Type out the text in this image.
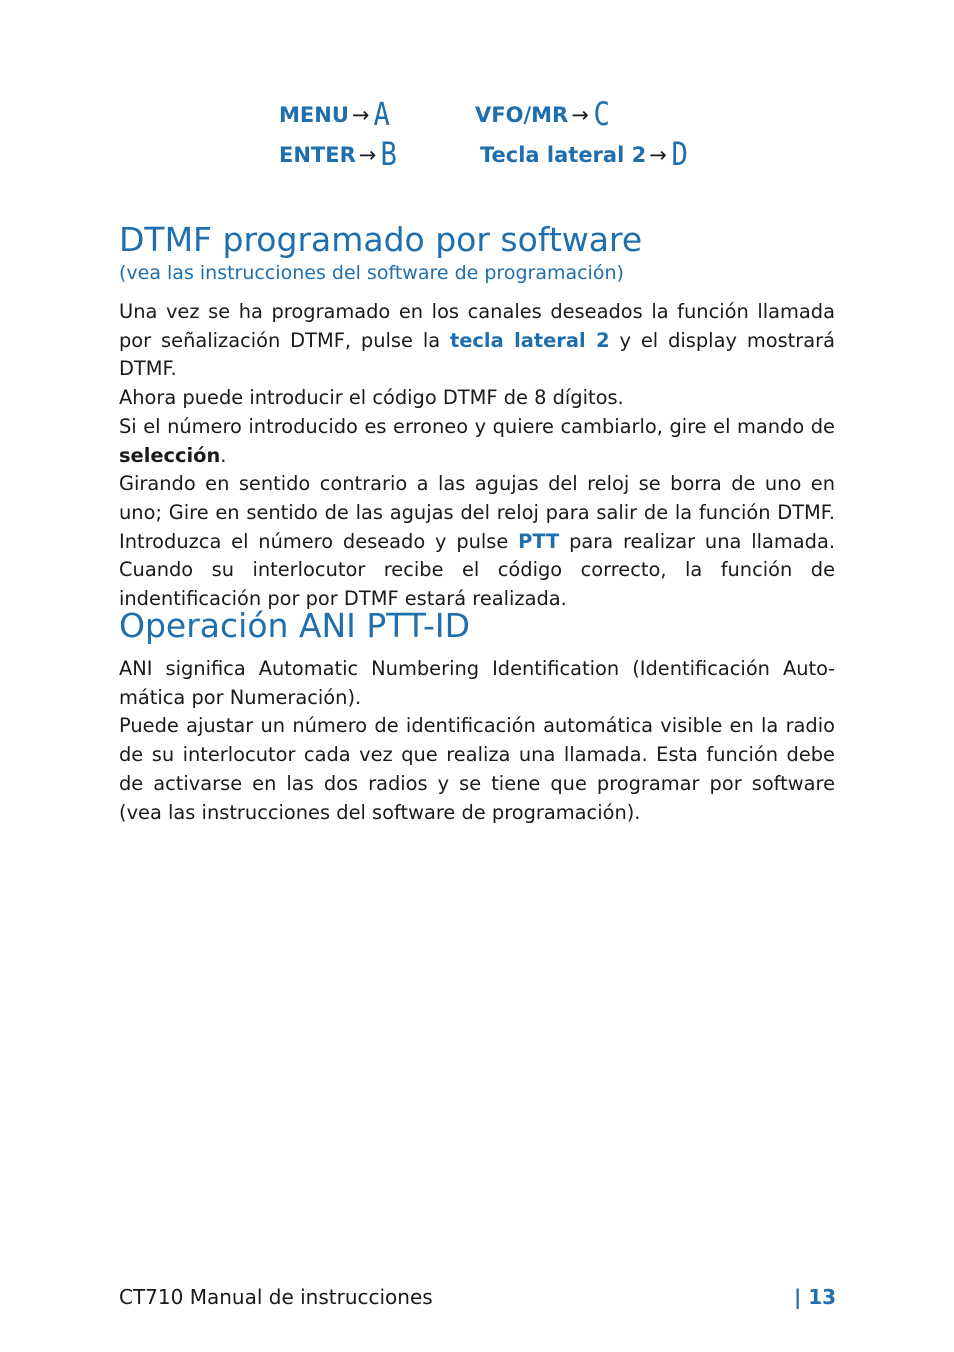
MENU → A	VFO/MR → C
ENTER → B	Tecla lateral 2 → D
DTMF programado por software
(vea las instrucciones del software de programación)

Una vez se ha programado en los canales deseados la función llamada por señalización DTMF, pulse la tecla lateral 2 y el display mostrará DTMF.

Ahora puede introducir el código DTMF de 8 dígitos.

Si el número introducido es erroneo y quiere cambiarlo, gire el mando de selección.

Girando en sentido contrario a las agujas del reloj se borra de uno en uno; Gire en sentido de las agujas del reloj para salir de la función DTMF. Introduzca el número deseado y pulse PTT para realizar una llamada. Cuando su interlocutor recibe el código correcto, la función de indentificación por por DTMF estará realizada.

Operación ANI PTT-ID

ANI significa Automatic Numbering Identification (Identificación Automática por Numeración).

Puede ajustar un número de identificación automática visible en la radio de su interlocutor cada vez que realiza una llamada. Esta función debe de activarse en las dos radios y se tiene que programar por software (vea las instrucciones del software de programación).

CT710 Manual de instrucciones	| 13
